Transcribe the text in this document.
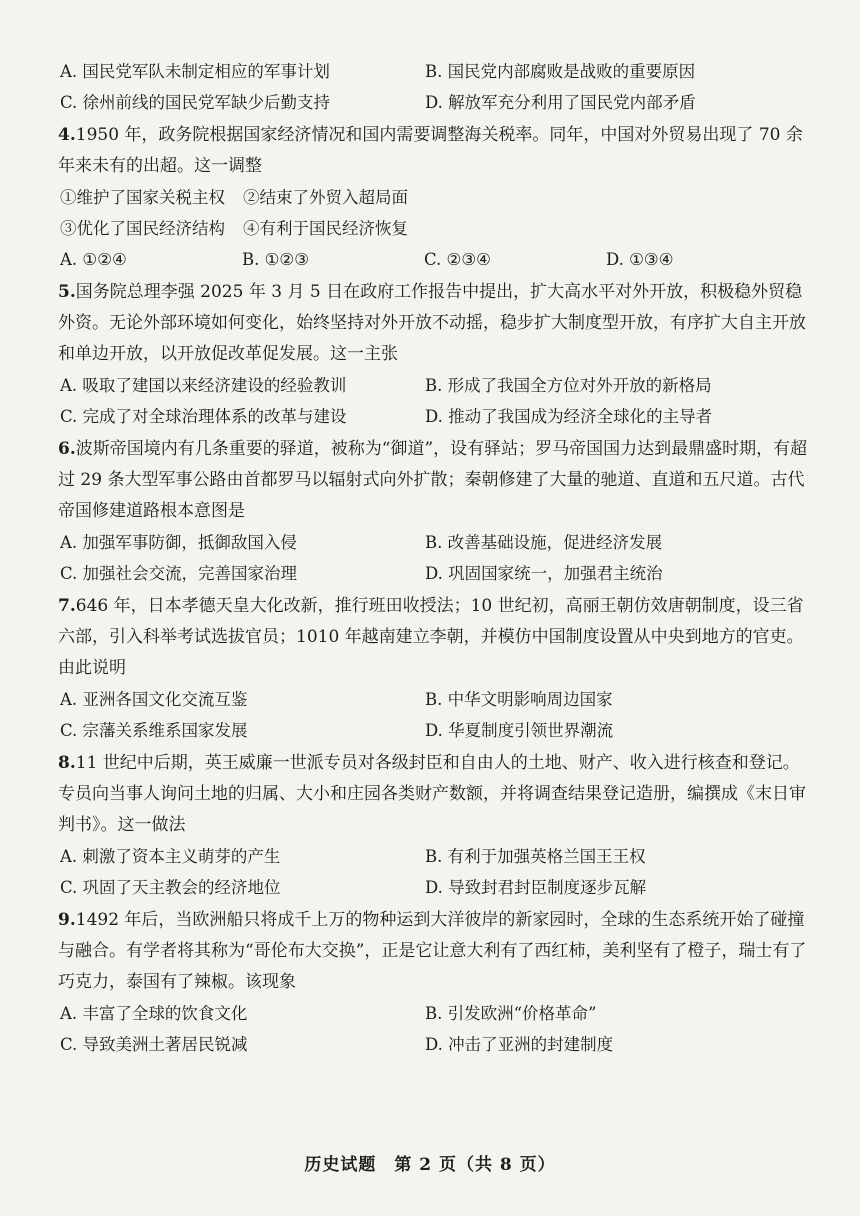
A. 国民党军队未制定相应的军事计划	B. 国民党内部腐败是战败的重要原因
C. 徐州前线的国民党军缺少后勤支持	D. 解放军充分利用了国民党内部矛盾

4.1950 年，政务院根据国家经济情况和国内需要调整海关税率。同年，中国对外贸易出现了 70 余年来未有的出超。这一调整

①维护了国家关税主权 ②结束了外贸入超局面
③优化了国民经济结构 ④有利于国民经济恢复
A. ①②④	B. ①②③	C. ②③④	D. ①③④

5.国务院总理李强 2025 年 3 月 5 日在政府工作报告中提出，扩大高水平对外开放，积极稳外贸稳外资。无论外部环境如何变化，始终坚持对外开放不动摇，稳步扩大制度型开放，有序扩大自主开放和单边开放，以开放促改革促发展。这一主张

A. 吸取了建国以来经济建设的经验教训	B. 形成了我国全方位对外开放的新格局
C. 完成了对全球治理体系的改革与建设	D. 推动了我国成为经济全球化的主导者

6.波斯帝国境内有几条重要的驿道，被称为“御道”，设有驿站；罗马帝国国力达到最鼎盛时期，有超过 29 条大型军事公路由首都罗马以辐射式向外扩散；秦朝修建了大量的驰道、直道和五尺道。古代帝国修建道路根本意图是

A. 加强军事防御，抵御敌国入侵	B. 改善基础设施，促进经济发展
C. 加强社会交流，完善国家治理	D. 巩固国家统一，加强君主统治

7.646 年，日本孝德天皇大化改新，推行班田收授法；10 世纪初，高丽王朝仿效唐朝制度，设三省六部，引入科举考试选拔官员；1010 年越南建立李朝，并模仿中国制度设置从中央到地方的官吏。由此说明

A. 亚洲各国文化交流互鉴	B. 中华文明影响周边国家
C. 宗藩关系维系国家发展	D. 华夏制度引领世界潮流

8.11 世纪中后期，英王威廉一世派专员对各级封臣和自由人的土地、财产、收入进行核查和登记。专员向当事人询问土地的归属、大小和庄园各类财产数额，并将调查结果登记造册，编撰成《末日审判书》。这一做法

A. 刺激了资本主义萌芽的产生	B. 有利于加强英格兰国王王权
C. 巩固了天主教会的经济地位	D. 导致封君封臣制度逐步瓦解

9.1492 年后，当欧洲船只将成千上万的物种运到大洋彼岸的新家园时，全球的生态系统开始了碰撞与融合。有学者将其称为“哥伦布大交换”，正是它让意大利有了西红柿，美利坚有了橙子，瑞士有了巧克力，泰国有了辣椒。该现象

A. 丰富了全球的饮食文化	B. 引发欧洲“价格革命”
C. 导致美洲土著居民锐减	D. 冲击了亚洲的封建制度
历史试题　第 2 页（共 8 页）
